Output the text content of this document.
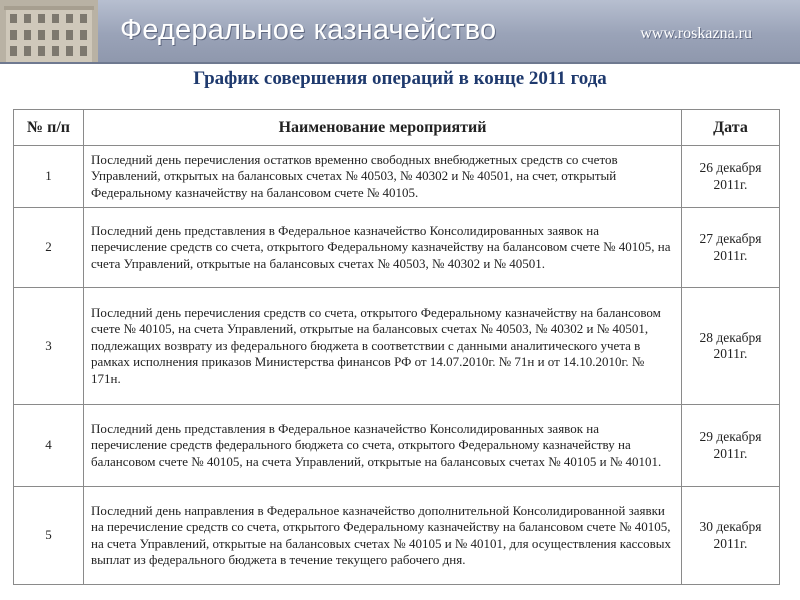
Федеральное казначейство	www.roskazna.ru
График совершения операций в конце 2011 года
№ п/п	Наименование мероприятий	Дата
1	Последний день перечисления остатков временно свободных внебюджетных средств со счетов Управлений, открытых на балансовых счетах № 40503, № 40302 и № 40501, на счет, открытый Федеральному казначейству на балансовом счете № 40105.	26 декабря 2011г.
2	Последний день представления в Федеральное казначейство Консолидированных заявок на перечисление средств со счета, открытого Федеральному казначейству на балансовом счете № 40105, на счета Управлений, открытые на балансовых счетах № 40503, № 40302 и № 40501.	27 декабря 2011г.
3	Последний день перечисления средств со счета, открытого Федеральному казначейству на балансовом счете № 40105, на счета Управлений, открытые на балансовых счетах № 40503, № 40302 и № 40501, подлежащих возврату из федерального бюджета в соответствии с данными аналитического учета в рамках исполнения приказов Министерства финансов РФ от 14.07.2010г. № 71н и от 14.10.2010г. № 171н.	28 декабря 2011г.
4	Последний день представления в Федеральное казначейство Консолидированных заявок на перечисление средств федерального бюджета со счета, открытого Федеральному казначейству на балансовом счете № 40105, на счета Управлений, открытые на балансовых счетах № 40105 и № 40101.	29 декабря 2011г.
5	Последний день направления в Федеральное казначейство дополнительной Консолидированной заявки на перечисление средств со счета, открытого Федеральному казначейству на балансовом счете № 40105, на счета Управлений, открытые на балансовых счетах № 40105 и № 40101, для осуществления кассовых выплат из федерального бюджета в течение текущего рабочего дня.	30 декабря 2011г.
